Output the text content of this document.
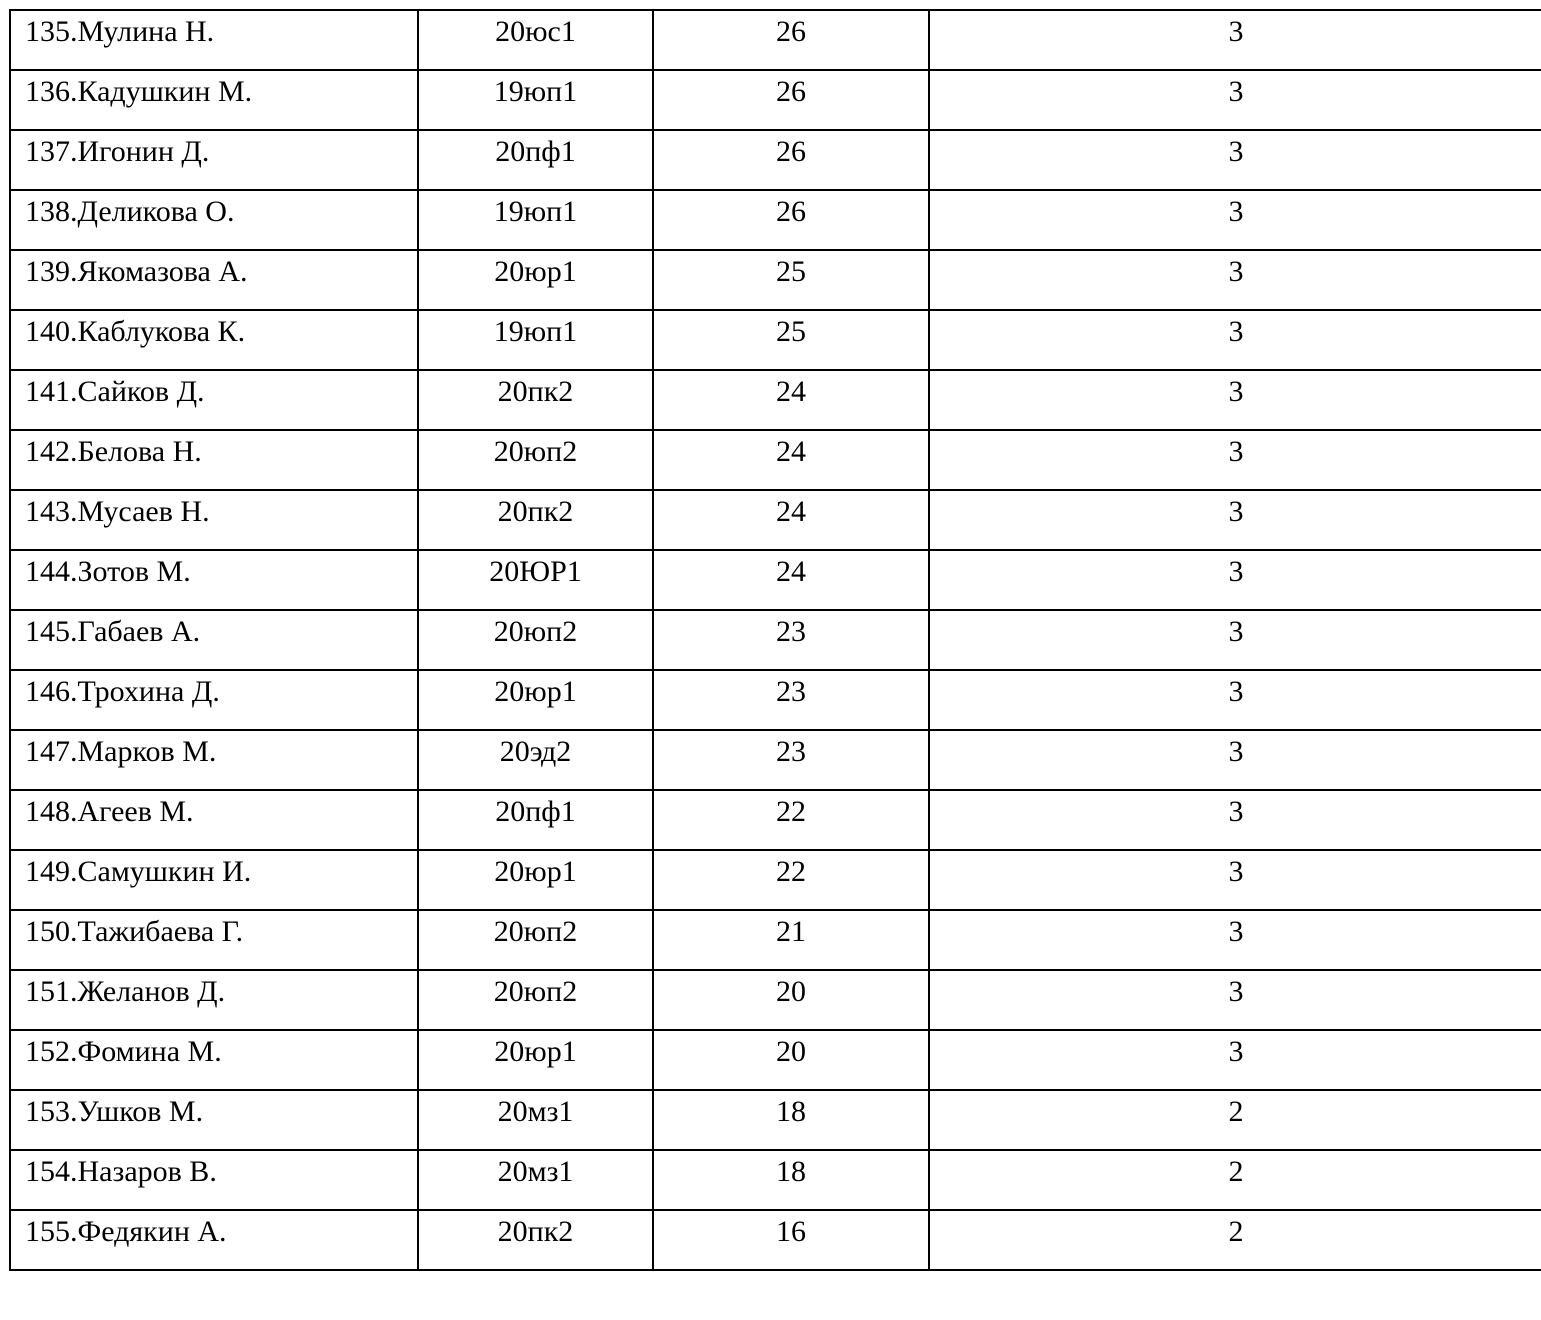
135.Мулина Н.	20юс1	26	3

136.Кадушкин М.	19юп1	26	3

137.Игонин Д.	20пф1	26	3

138.Деликова О.	19юп1	26	3

139.Якомазова А.	20юр1	25	3

140.Каблукова К.	19юп1	25	3

141.Сайков Д.	20пк2	24	3

142.Белова Н.	20юп2	24	3

143.Мусаев Н.	20пк2	24	3

144.Зотов М.	20ЮР1	24	3

145.Габаев А.	20юп2	23	3

146.Трохина Д.	20юр1	23	3

147.Марков М.	20эд2	23	3

148.Агеев М.	20пф1	22	3

149.Самушкин И.	20юр1	22	3

150.Тажибаева Г.	20юп2	21	3

151.Желанов Д.	20юп2	20	3

152.Фомина М.	20юр1	20	3

153.Ушков М.	20мз1	18	2

154.Назаров В.	20мз1	18	2

155.Федякин А.	20пк2	16	2
